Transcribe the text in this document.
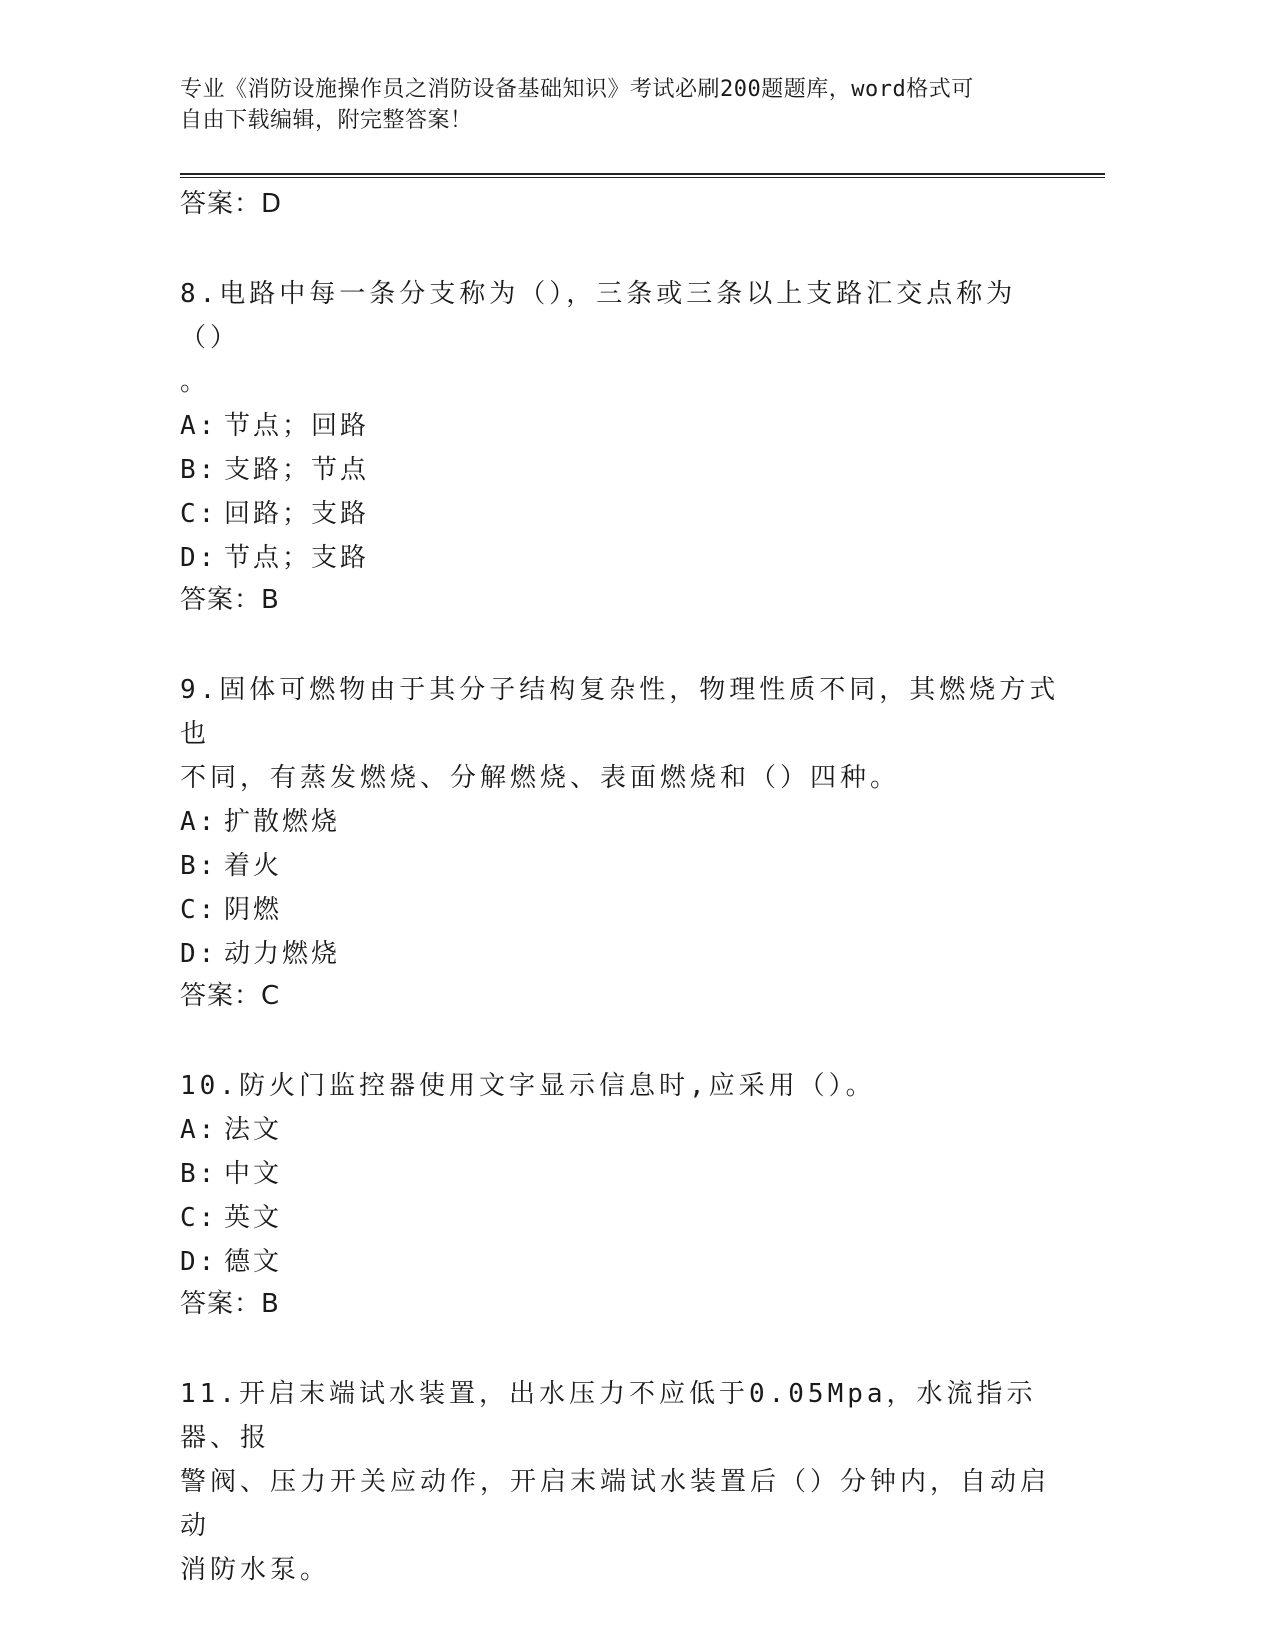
专业《消防设施操作员之消防设备基础知识》考试必刷200题题库，word格式可
自由下载编辑，附完整答案！
答案：D
8.电路中每一条分支称为（），三条或三条以上支路汇交点称为（）
。
A: 节点；回路
B: 支路；节点
C: 回路；支路
D: 节点；支路
答案：B
9.固体可燃物由于其分子结构复杂性，物理性质不同，其燃烧方式也
不同，有蒸发燃烧、分解燃烧、表面燃烧和（）四种。
A: 扩散燃烧
B: 着火
C: 阴燃
D: 动力燃烧
答案：C
10.防火门监控器使用文字显示信息时,应采用（）。
A: 法文
B: 中文
C: 英文
D: 德文
答案：B
11.开启末端试水装置，出水压力不应低于0.05Mpa，水流指示器、报
警阀、压力开关应动作，开启末端试水装置后（）分钟内，自动启动
消防水泵。
